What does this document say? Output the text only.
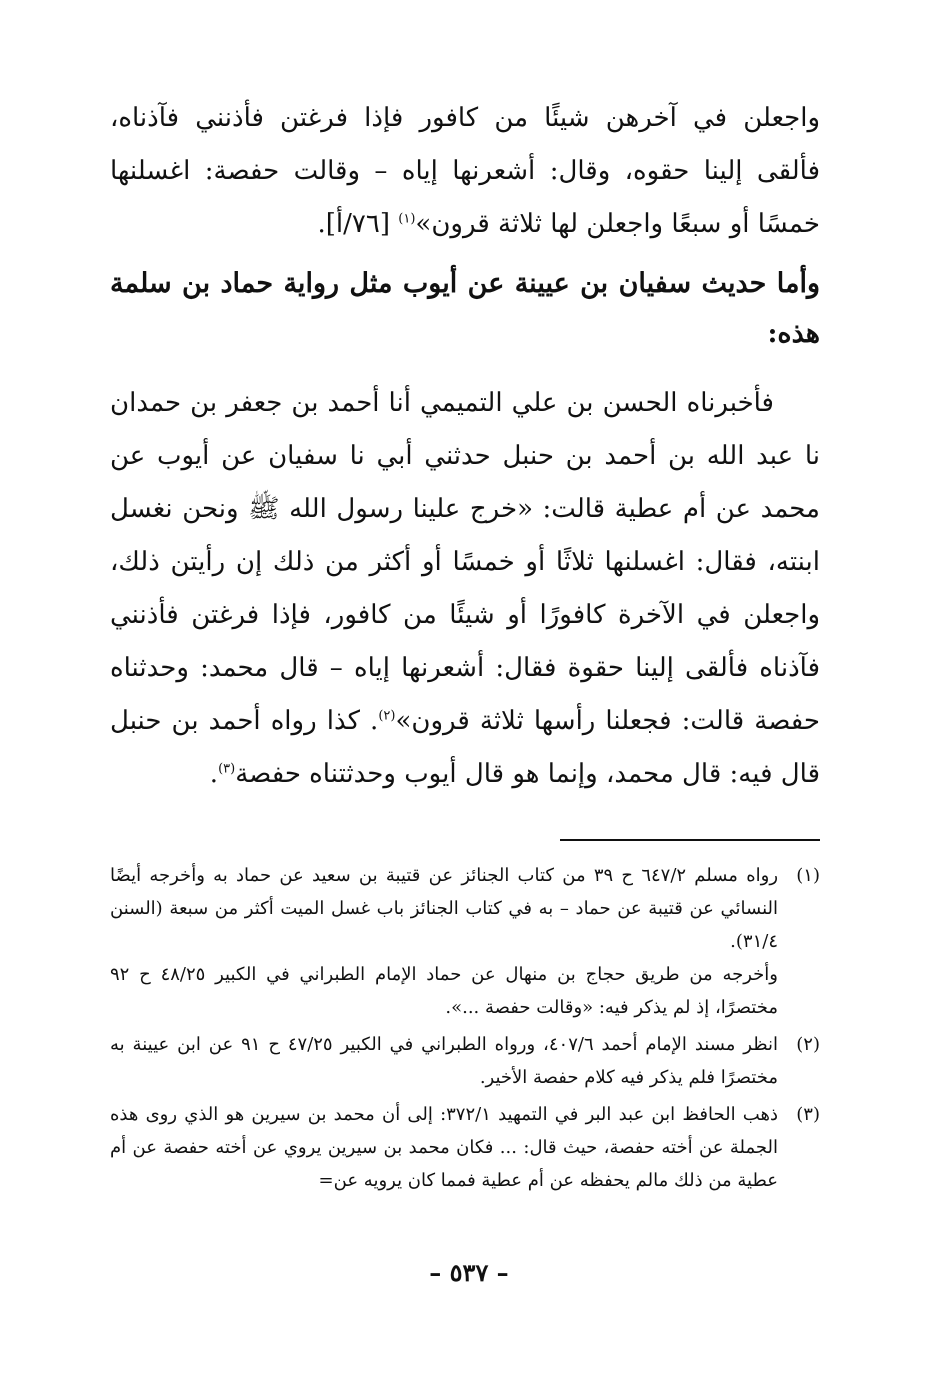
واجعلن في آخرهن شيئًا من كافور فإذا فرغتن فأذنني فآذناه، فألقى إلينا حقوه، وقال: أشعرنها إياه – وقالت حفصة: اغسلنها خمسًا أو سبعًا واجعلن لها ثلاثة قرون»$^{(١)}$ [٧٦/أ].

وأما حديث سفيان بن عيينة عن أيوب مثل رواية حماد بن سلمة هذه:

فأخبرناه الحسن بن علي التميمي أنا أحمد بن جعفر بن حمدان نا عبد الله بن أحمد بن حنبل حدثني أبي نا سفيان عن أيوب عن محمد عن أم عطية قالت: «خرج علينا رسول الله ﷺ ونحن نغسل ابنته، فقال: اغسلنها ثلاثًا أو خمسًا أو أكثر من ذلك إن رأيتن ذلك، واجعلن في الآخرة كافورًا أو شيئًا من كافور، فإذا فرغتن فأذنني فآذناه فألقى إلينا حقوة فقال: أشعرنها إياه – قال محمد: وحدثناه حفصة قالت: فجعلنا رأسها ثلاثة قرون»$^{(٢)}$. كذا رواه أحمد بن حنبل قال فيه: قال محمد، وإنما هو قال أيوب وحدثتناه حفصة$^{(٣)}$.

(١)

رواه مسلم ٦٤٧/٢ ح ٣٩ من كتاب الجنائز عن قتيبة بن سعيد عن حماد به وأخرجه أيضًا النسائي عن قتيبة عن حماد – به في كتاب الجنائز باب غسل الميت أكثر من سبعة (السنن ٣١/٤).

وأخرجه من طريق حجاج بن منهال عن حماد الإمام الطبراني في الكبير ٤٨/٢٥ ح ٩٢ مختصرًا، إذ لم يذكر فيه: «وقالت حفصة ...».

(٢)

انظر مسند الإمام أحمد ٤٠٧/٦، ورواه الطبراني في الكبير ٤٧/٢٥ ح ٩١ عن ابن عيينة به مختصرًا فلم يذكر فيه كلام حفصة الأخير.

(٣)

ذهب الحافظ ابن عبد البر في التمهيد ٣٧٢/١: إلى أن محمد بن سيرين هو الذي روى هذه الجملة عن أخته حفصة، حيث قال: ... فكان محمد بن سيرين يروي عن أخته حفصة عن أم عطية من ذلك مالم يحفظه عن أم عطية فمما كان يرويه عن=

– ٥٣٧ –
